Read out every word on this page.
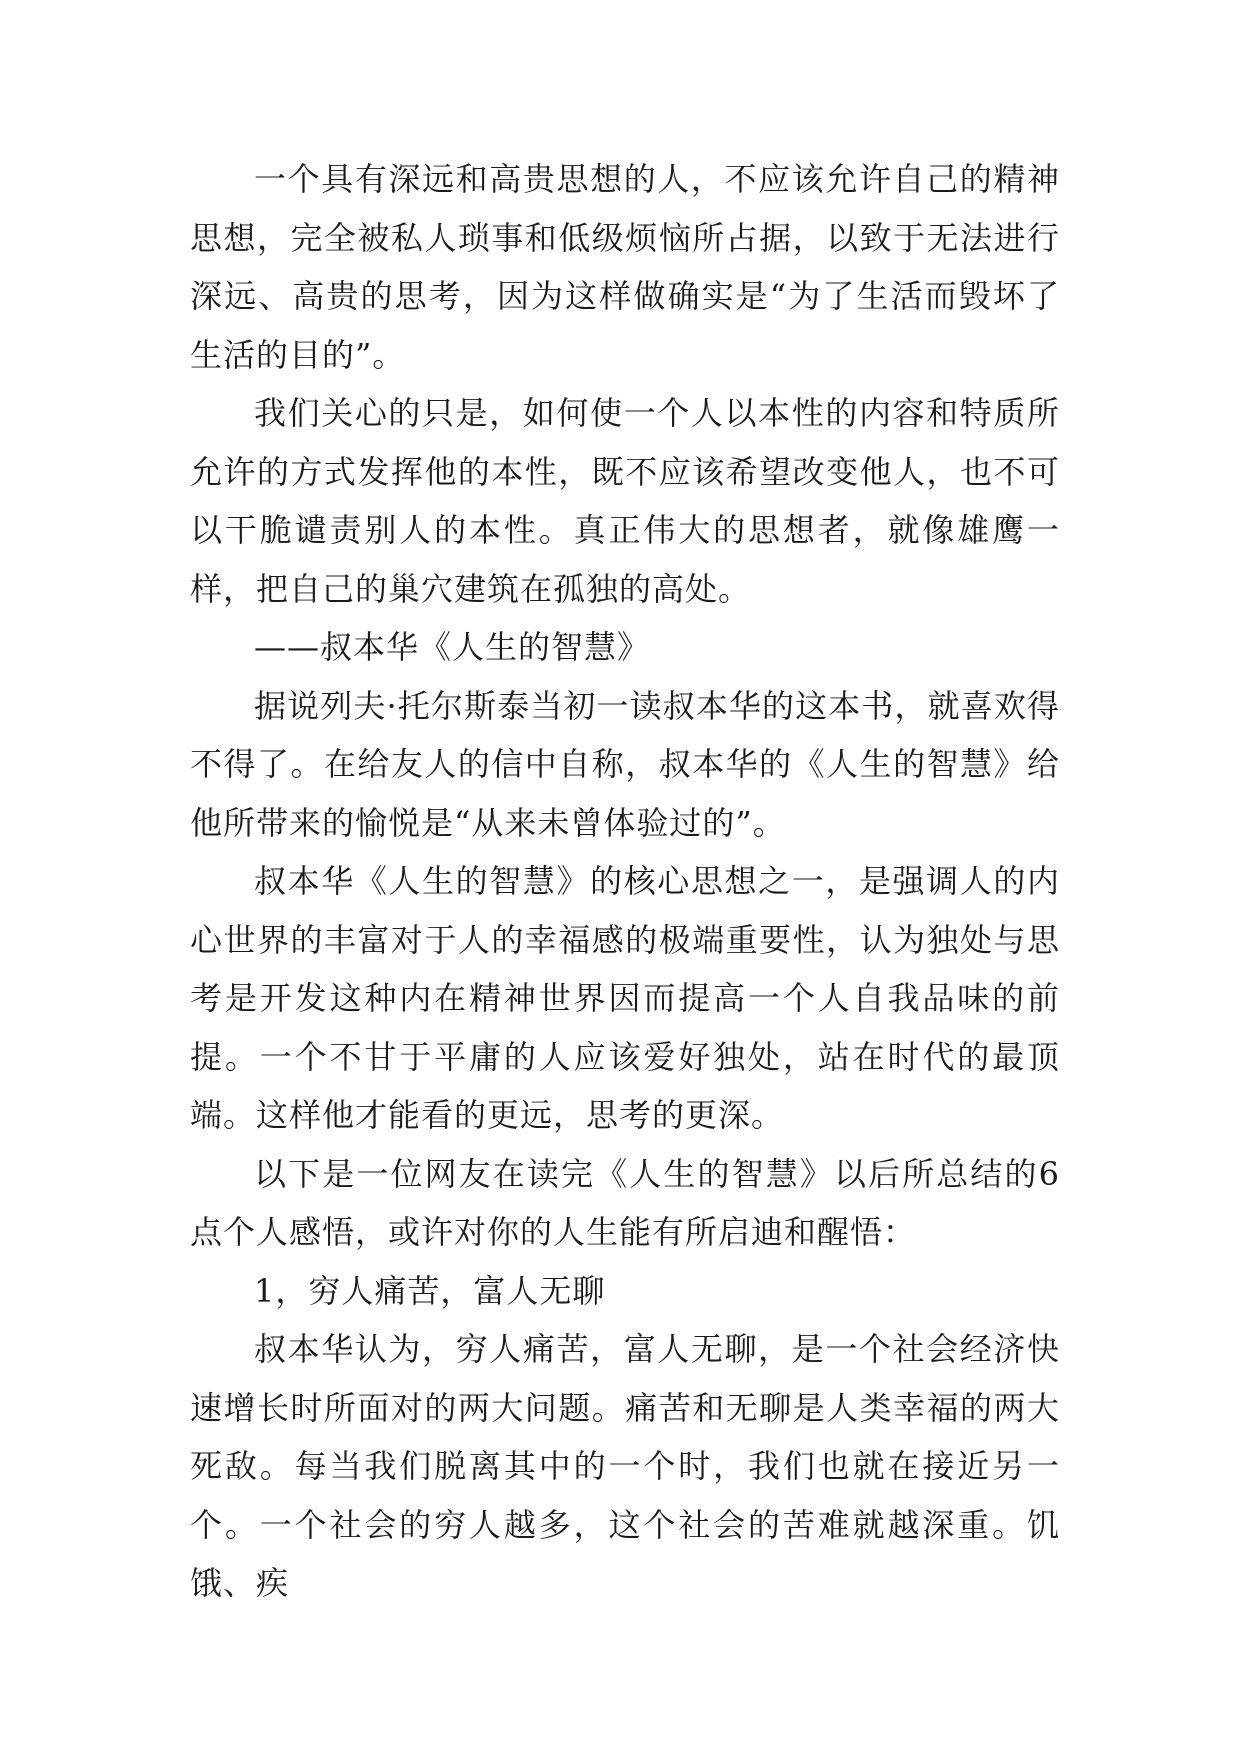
一个具有深远和高贵思想的人，不应该允许自己的精神思想，完全被私人琐事和低级烦恼所占据，以致于无法进行深远、高贵的思考，因为这样做确实是“为了生活而毁坏了生活的目的”。

我们关心的只是，如何使一个人以本性的内容和特质所允许的方式发挥他的本性，既不应该希望改变他人，也不可以干脆谴责别人的本性。真正伟大的思想者，就像雄鹰一样，把自己的巢穴建筑在孤独的高处。

——叔本华《人生的智慧》

据说列夫·托尔斯泰当初一读叔本华的这本书，就喜欢得不得了。在给友人的信中自称，叔本华的《人生的智慧》给他所带来的愉悦是“从来未曾体验过的”。

叔本华《人生的智慧》的核心思想之一，是强调人的内心世界的丰富对于人的幸福感的极端重要性，认为独处与思考是开发这种内在精神世界因而提高一个人自我品味的前提。一个不甘于平庸的人应该爱好独处，站在时代的最顶端。这样他才能看的更远，思考的更深。

以下是一位网友在读完《人生的智慧》以后所总结的6点个人感悟，或许对你的人生能有所启迪和醒悟：

1，穷人痛苦，富人无聊

叔本华认为，穷人痛苦，富人无聊，是一个社会经济快速增长时所面对的两大问题。痛苦和无聊是人类幸福的两大死敌。每当我们脱离其中的一个时，我们也就在接近另一个。一个社会的穷人越多，这个社会的苦难就越深重。饥饿、疾
